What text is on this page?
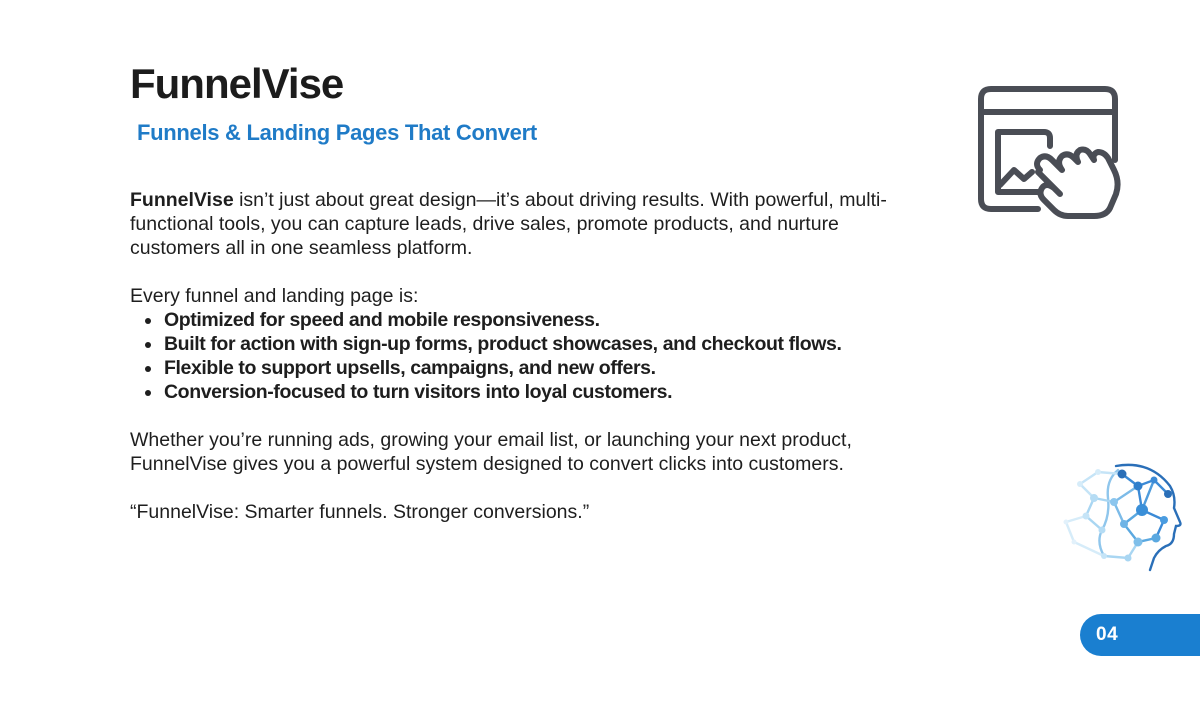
FunnelVise
Funnels & Landing Pages That Convert

FunnelVise isn’t just about great design—it’s about driving results. With powerful, multi-functional tools, you can capture leads, drive sales, promote products, and nurture customers all in one seamless platform.

Every funnel and landing page is:

Optimized for speed and mobile responsiveness.
Built for action with sign-up forms, product showcases, and checkout flows.
Flexible to support upsells, campaigns, and new offers.
Conversion-focused to turn visitors into loyal customers.

Whether you’re running ads, growing your email list, or launching your next product, FunnelVise gives you a powerful system designed to convert clicks into customers.

“FunnelVise: Smarter funnels. Stronger conversions.”

04
